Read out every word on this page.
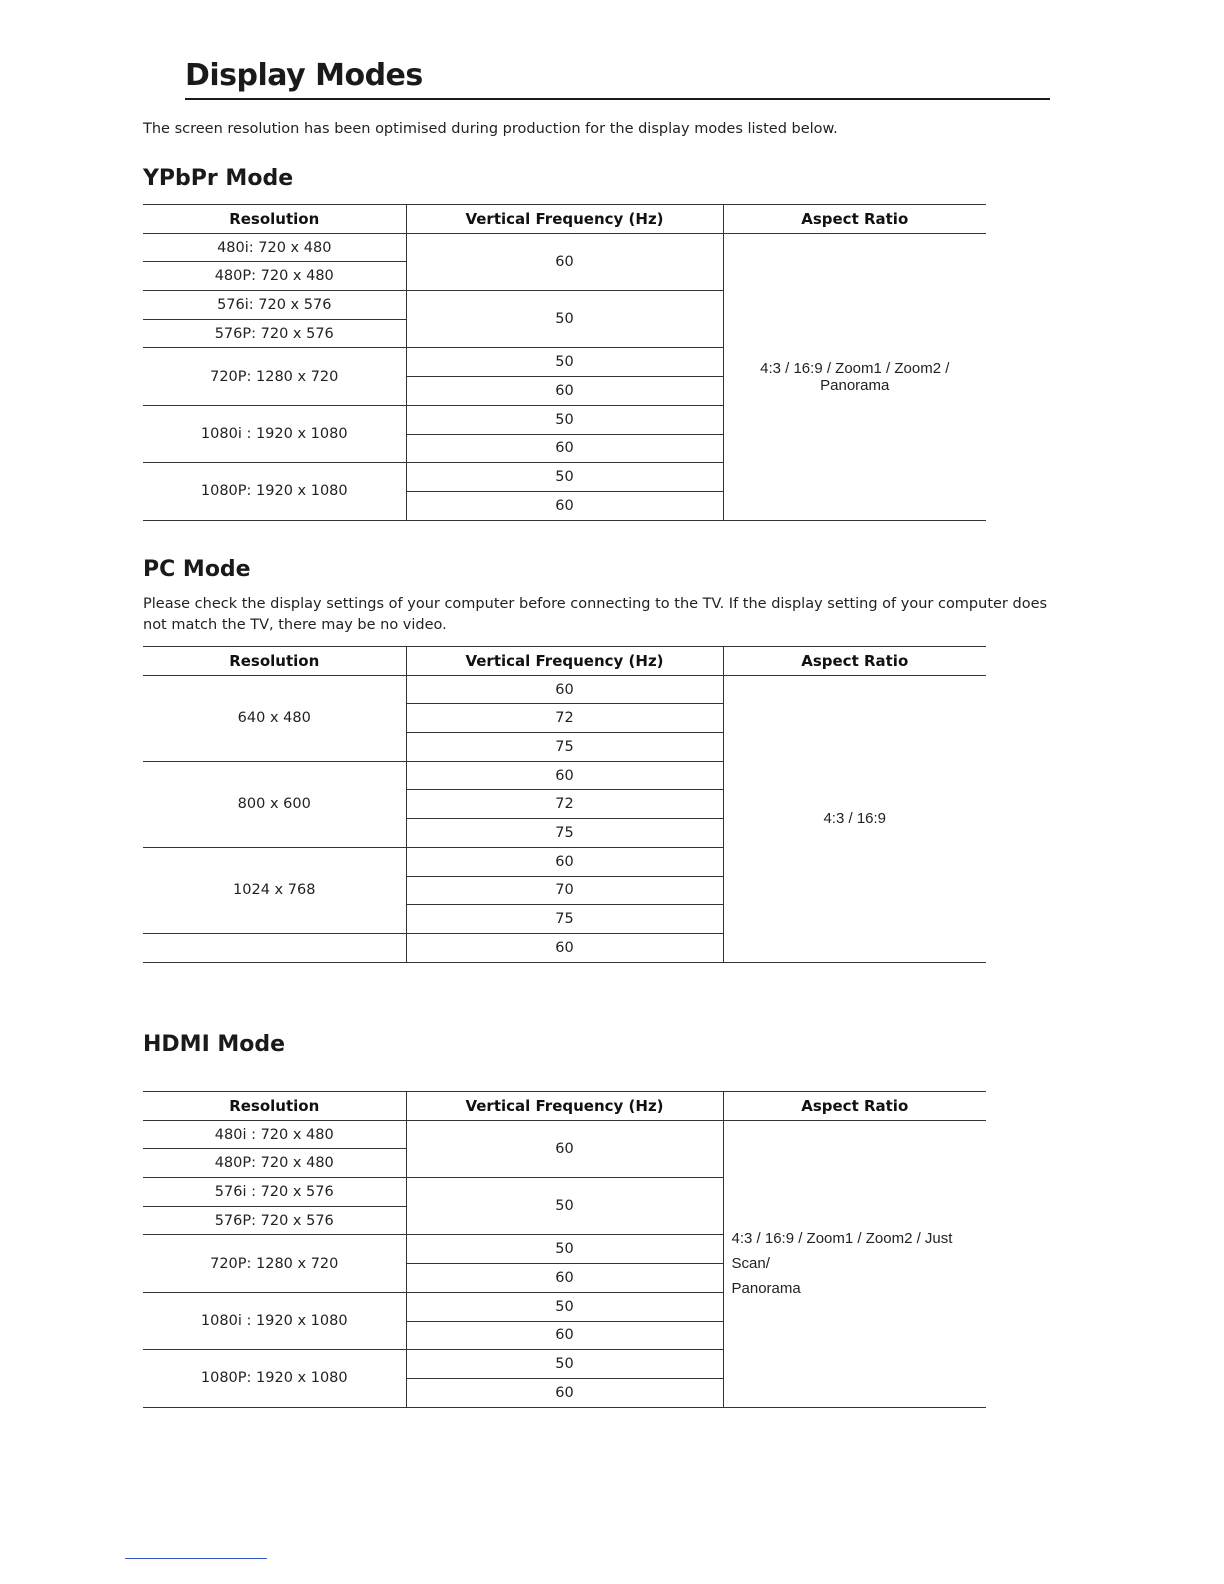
Display Modes
The screen resolution has been optimised during production for the display modes listed below.
YPbPr Mode
Resolution	Vertical Frequency (Hz)	Aspect Ratio
480i: 720 x 480	60	4:3 / 16:9 / Zoom1 / Zoom2 / Panorama
480P: 720 x 480		
576i: 720 x 576	50	
576P: 720 x 576		
720P: 1280 x 720	50	
	60	
1080i : 1920 x 1080	50	
	60	
1080P: 1920 x 1080	50	
	60	
PC Mode
Please check the display settings of your computer before connecting to the TV. If the display setting of your computer does not match the TV, there may be no video.
Resolution	Vertical Frequency (Hz)	Aspect Ratio
640 x 480	60	4:3 / 16:9
	72	
	75	
800 x 600	60	
	72	
	75	
1024 x 768	60	
	70	
	75	
	60	
HDMI Mode
Resolution	Vertical Frequency (Hz)	Aspect Ratio
480i : 720 x 480	60	4:3 / 16:9 / Zoom1 / Zoom2 / Just Scan/
Panorama

480P: 720 x 480		
576i : 720 x 576	50	
576P: 720 x 576		
720P: 1280 x 720	50	
	60	
1080i : 1920 x 1080	50	
	60	
1080P: 1920 x 1080	50	
	60	
